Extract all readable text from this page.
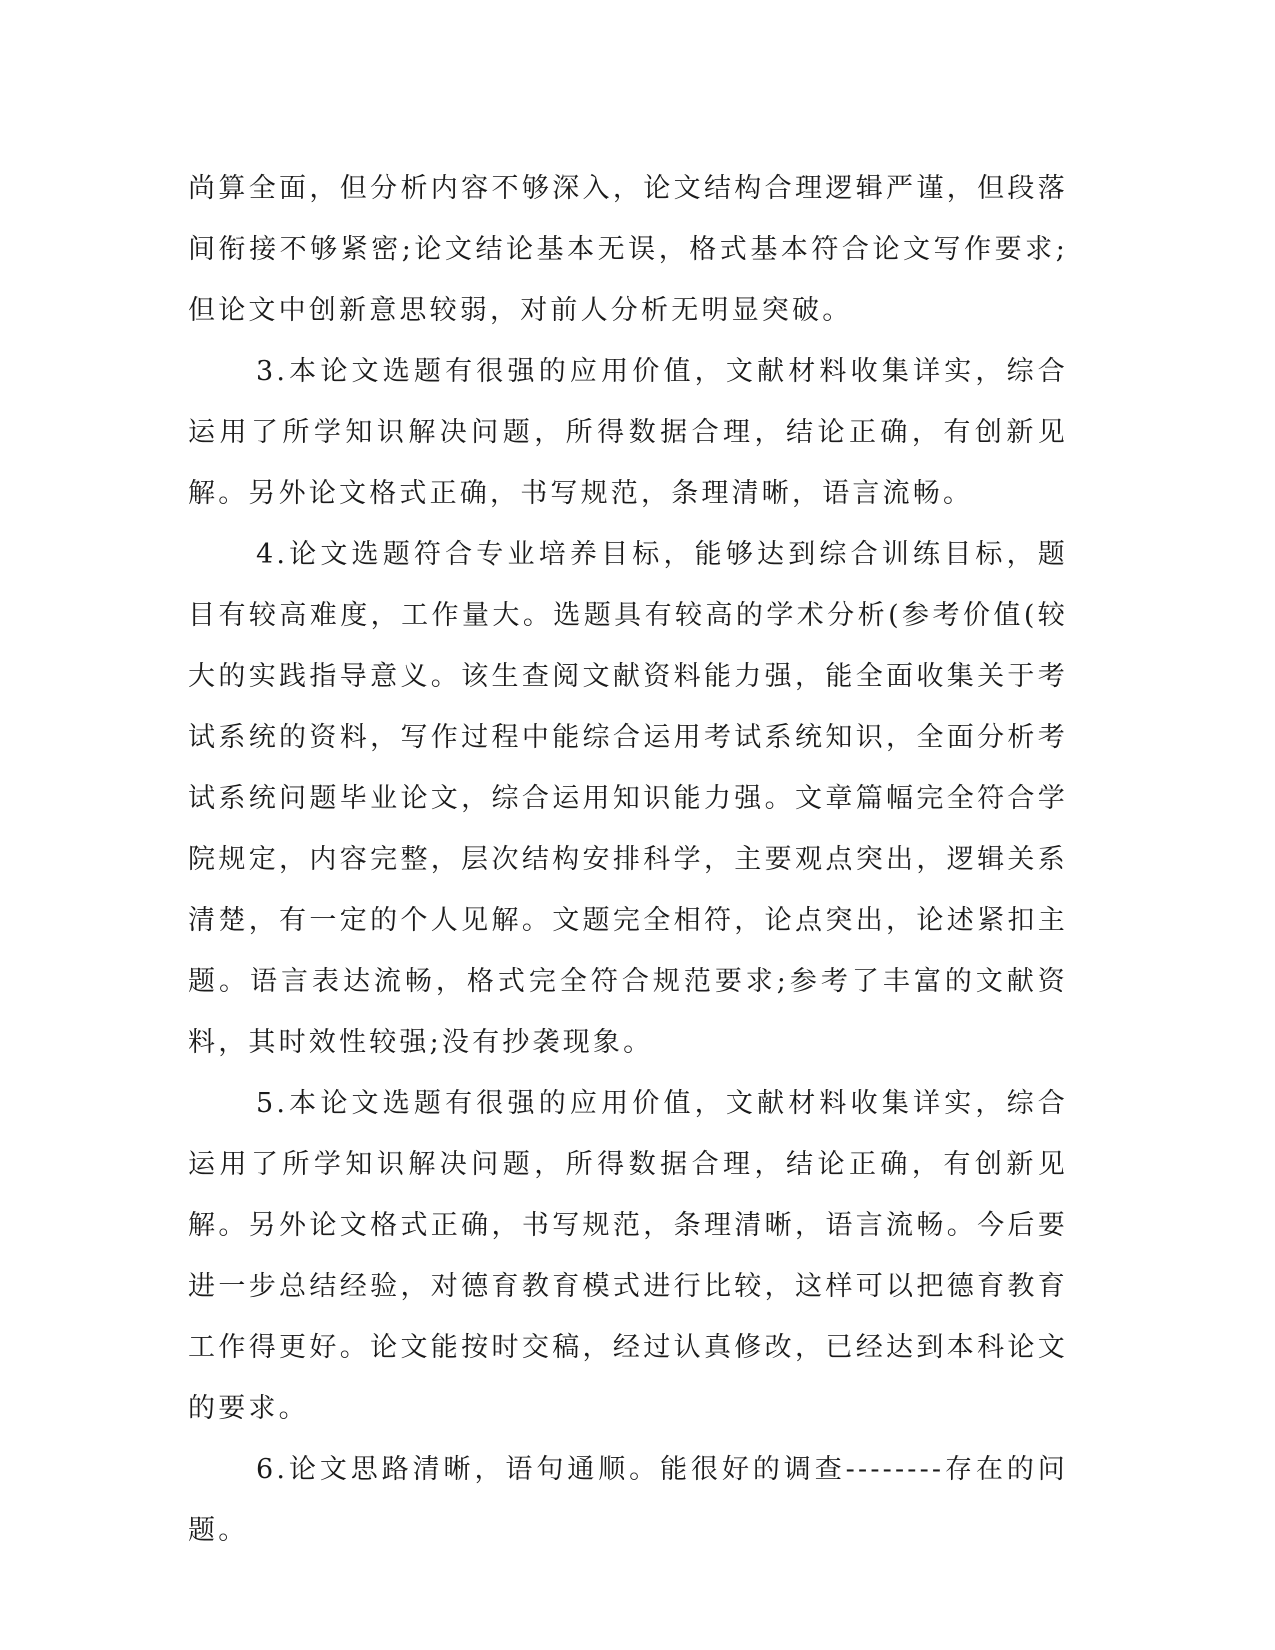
尚算全面，但分析内容不够深入，论文结构合理逻辑严谨，但段落间衔接不够紧密;论文结论基本无误，格式基本符合论文写作要求;但论文中创新意思较弱，对前人分析无明显突破。

3.本论文选题有很强的应用价值，文献材料收集详实，综合运用了所学知识解决问题，所得数据合理，结论正确，有创新见解。另外论文格式正确，书写规范，条理清晰，语言流畅。

4.论文选题符合专业培养目标，能够达到综合训练目标，题目有较高难度，工作量大。选题具有较高的学术分析(参考价值(较大的实践指导意义。该生查阅文献资料能力强，能全面收集关于考试系统的资料，写作过程中能综合运用考试系统知识，全面分析考试系统问题毕业论文，综合运用知识能力强。文章篇幅完全符合学院规定，内容完整，层次结构安排科学，主要观点突出，逻辑关系清楚，有一定的个人见解。文题完全相符，论点突出，论述紧扣主题。语言表达流畅，格式完全符合规范要求;参考了丰富的文献资料，其时效性较强;没有抄袭现象。

5.本论文选题有很强的应用价值，文献材料收集详实，综合运用了所学知识解决问题，所得数据合理，结论正确，有创新见解。另外论文格式正确，书写规范，条理清晰，语言流畅。今后要进一步总结经验，对德育教育模式进行比较，这样可以把德育教育工作得更好。论文能按时交稿，经过认真修改，已经达到本科论文的要求。

6.论文思路清晰，语句通顺。能很好的调查--------存在的问题。
